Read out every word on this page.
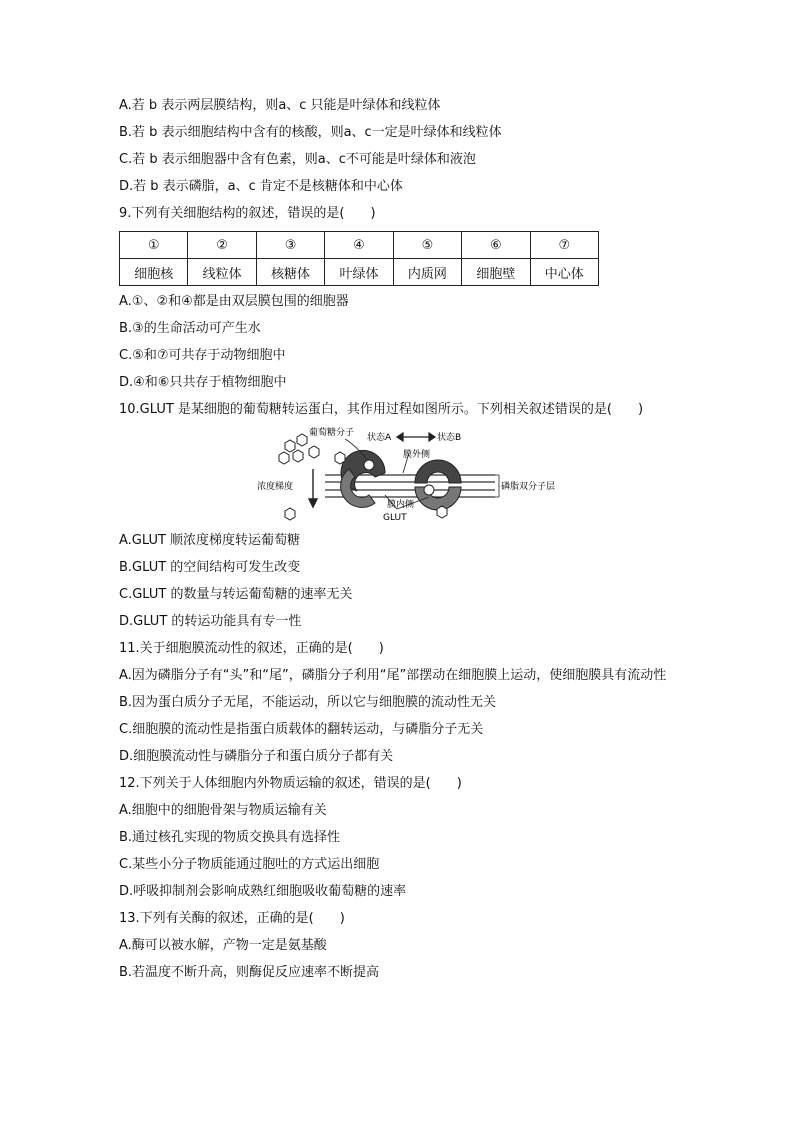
A.若 b 表示两层膜结构，则a、c 只能是叶绿体和线粒体
B.若 b 表示细胞结构中含有的核酸，则a、c一定是叶绿体和线粒体
C.若 b 表示细胞器中含有色素，则a、c不可能是叶绿体和液泡
D.若 b 表示磷脂，a、c 肯定不是核糖体和中心体
9.下列有关细胞结构的叙述，错误的是(　　)
①	②	③	④	⑤	⑥	⑦
细胞核	线粒体	核糖体	叶绿体	内质网	细胞壁	中心体
A.①、②和④都是由双层膜包围的细胞器
B.③的生命活动可产生水
C.⑤和⑦可共存于动物细胞中
D.④和⑥只共存于植物细胞中
10.GLUT 是某细胞的葡萄糖转运蛋白，其作用过程如图所示。下列相关叙述错误的是(　　)
葡萄糖分子 状态A	状态B
膜外侧
浓度梯度	磷脂双分子层
膜内侧
GLUT
A.GLUT 顺浓度梯度转运葡萄糖
B.GLUT 的空间结构可发生改变
C.GLUT 的数量与转运葡萄糖的速率无关
D.GLUT 的转运功能具有专一性
11.关于细胞膜流动性的叙述，正确的是(　　)
A.因为磷脂分子有“头”和“尾”，磷脂分子利用“尾”部摆动在细胞膜上运动，使细胞膜具有流动性
B.因为蛋白质分子无尾，不能运动，所以它与细胞膜的流动性无关
C.细胞膜的流动性是指蛋白质载体的翻转运动，与磷脂分子无关
D.细胞膜流动性与磷脂分子和蛋白质分子都有关
12.下列关于人体细胞内外物质运输的叙述，错误的是(　　)
A.细胞中的细胞骨架与物质运输有关
B.通过核孔实现的物质交换具有选择性
C.某些小分子物质能通过胞吐的方式运出细胞
D.呼吸抑制剂会影响成熟红细胞吸收葡萄糖的速率
13.下列有关酶的叙述，正确的是(　　)
A.酶可以被水解，产物一定是氨基酸
B.若温度不断升高，则酶促反应速率不断提高
